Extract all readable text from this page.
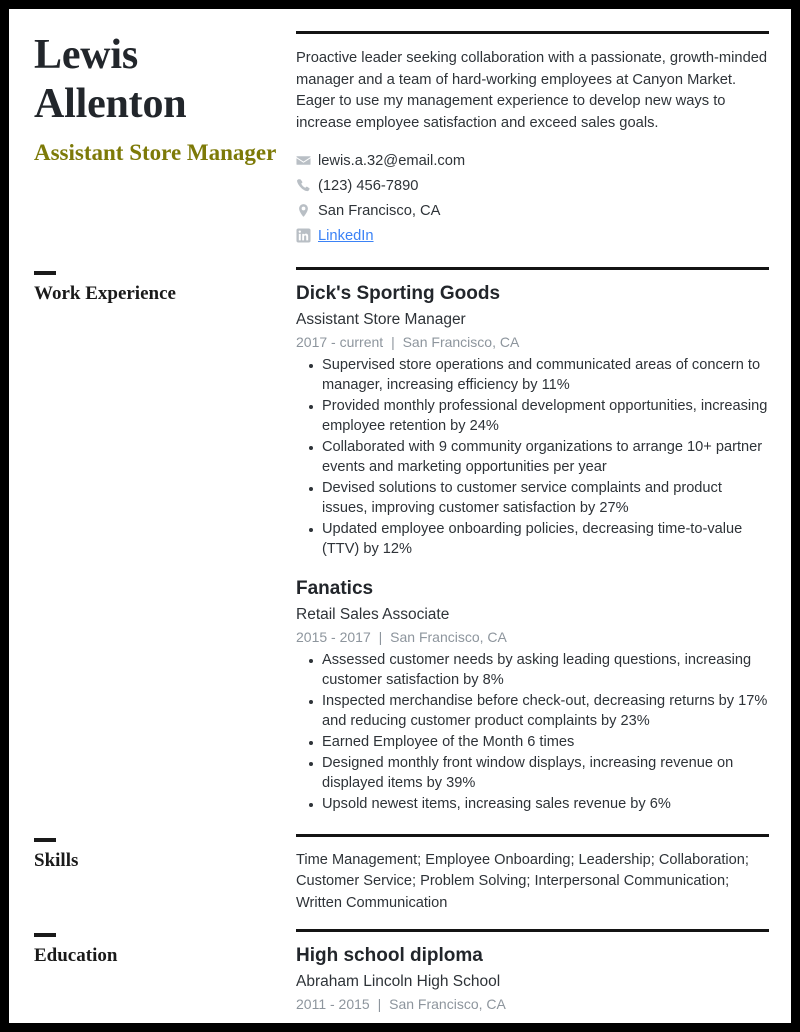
Lewis
Allenton
Assistant Store Manager

Proactive leader seeking collaboration with a passionate, growth-minded manager and a team of hard-working employees at Canyon Market. Eager to use my management experience to develop new ways to increase employee satisfaction and exceed sales goals.

lewis.a.32@email.com
(123) 456-7890
San Francisco, CA
LinkedIn
Work Experience	Dick's Sporting Goods
Assistant Store Manager
2017 - current | San Francisco, CA
Supervised store operations and communicated areas of concern to manager, increasing efficiency by 11%
Provided monthly professional development opportunities, increasing employee retention by 24%
Collaborated with 9 community organizations to arrange 10+ partner events and marketing opportunities per year
Devised solutions to customer service complaints and product issues, improving customer satisfaction by 27%
Updated employee onboarding policies, decreasing time-to-value (TTV) by 12%
Fanatics
Retail Sales Associate
2015 - 2017 | San Francisco, CA
Assessed customer needs by asking leading questions, increasing customer satisfaction by 8%
Inspected merchandise before check-out, decreasing returns by 17% and reducing customer product complaints by 23%
Earned Employee of the Month 6 times
Designed monthly front window displays, increasing revenue on displayed items by 39%
Upsold newest items, increasing sales revenue by 6%
Skills	Time Management; Employee Onboarding; Leadership; Collaboration; Customer Service; Problem Solving; Interpersonal Communication; Written Communication

Education	High school diploma
Abraham Lincoln High School
2011 - 2015 | San Francisco, CA
